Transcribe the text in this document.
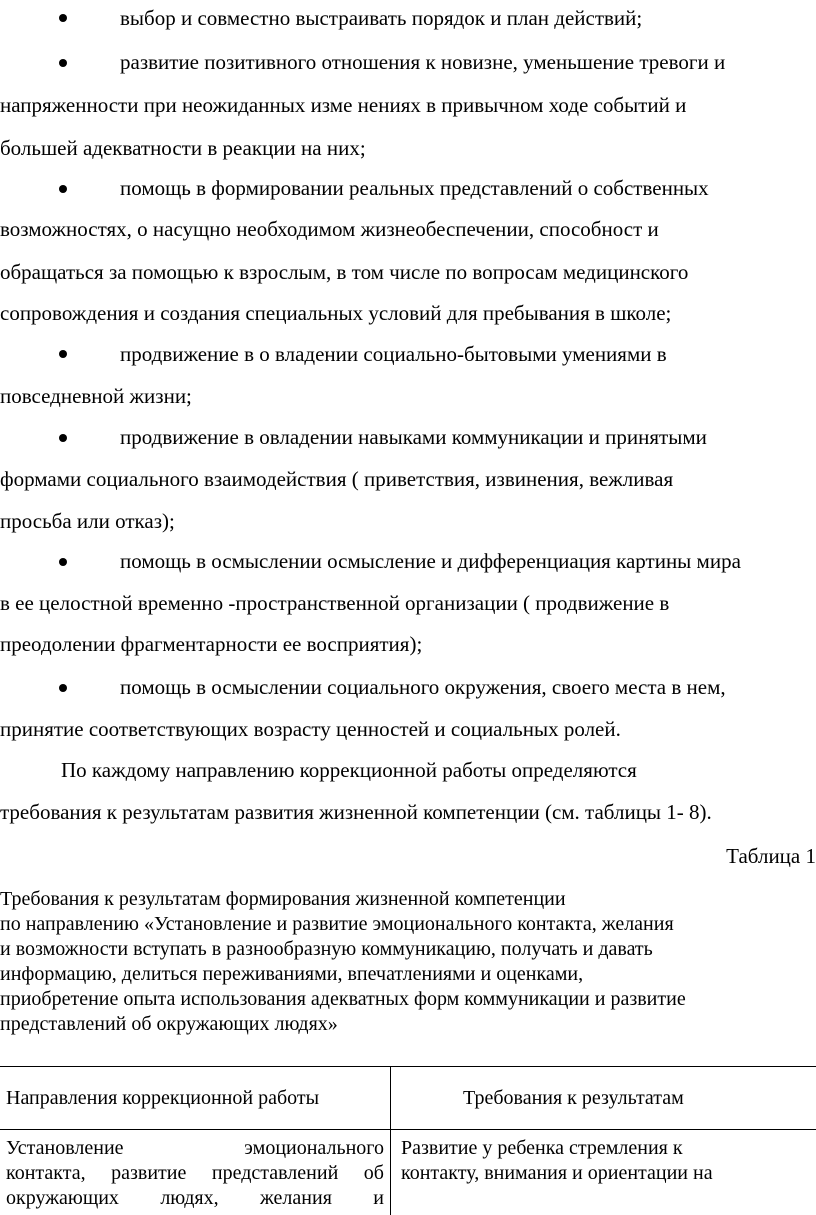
выбор и совместно выстраивать порядок и план действий;
развитие позитивного отношения к новизне, уменьшение тревоги и
напряженности при неожиданных изме нениях в привычном ходе событий и
большей адекватности в реакции на них;
помощь в формировании реальных представлений о собственных
возможностях, о насущно необходимом жизнеобеспечении, способност и
обращаться за помощью к взрослым, в том числе по вопросам медицинского
сопровождения и создания специальных условий для пребывания в школе;
продвижение в о владении социально-бытовыми умениями в
повседневной жизни;
продвижение в овладении навыками коммуникации и принятыми
формами социального взаимодействия ( приветствия, извинения, вежливая
просьба или отказ);
помощь в осмыслении осмысление и дифференциация картины мира
в ее целостной временно -пространственной организации ( продвижение в
преодолении фрагментарности ее восприятия);
помощь в осмыслении социального окружения, своего места в нем,
принятие соответствующих возрасту ценностей и социальных ролей.
По каждому направлению коррекционной работы определяются
требования к результатам развития жизненной компетенции (см. таблицы 1- 8).
Таблица 1
Требования к результатам формирования жизненной компетенции
по направлению «Установление и развитие эмоционального контакта, желания
и возможности вступать в разнообразную коммуникацию, получать и давать
информацию, делиться переживаниями, впечатлениями и оценками,
приобретение опыта использования адекватных форм коммуникации и развитие
представлений об окружающих людях»
Направления коррекционной работы	Требования к результатам
Установление эмоционального
контакта, развитие представлений об
окружающих людях, желания и
Развитие у ребенка стремления к
контакту, внимания и ориентации на
